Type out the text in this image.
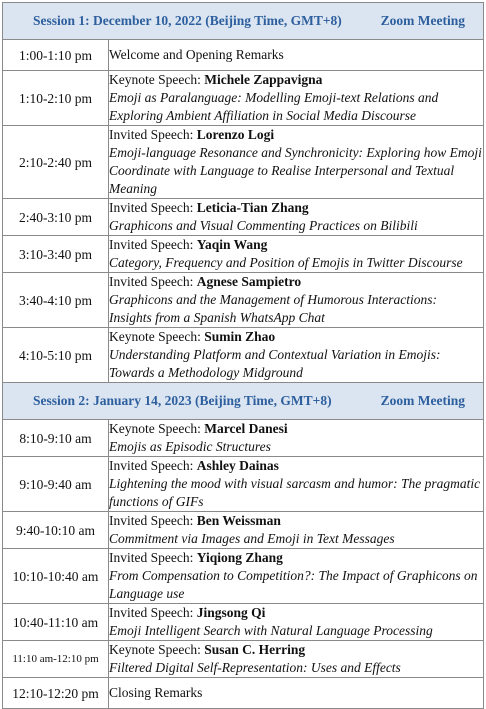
Session 1: December 10, 2022 (Beijing Time, GMT+8) Zoom Meeting	

1:00-1:10 pm	Welcome and Opening Remarks
1:10-2:10 pm	Keynote Speech: Michele Zappavigna
Emoji as Paralanguage: Modelling Emoji-text Relations and Exploring Ambient Affiliation in Social Media Discourse

2:10-2:40 pm	Invited Speech: Lorenzo Logi
Emoji-language Resonance and Synchronicity: Exploring how Emoji Coordinate with Language to Realise Interpersonal and Textual Meaning

2:40-3:10 pm	Invited Speech: Leticia-Tian Zhang
Graphicons and Visual Commenting Practices on Bilibili

3:10-3:40 pm	Invited Speech: Yaqin Wang
Category, Frequency and Position of Emojis in Twitter Discourse

3:40-4:10 pm	Invited Speech: Agnese Sampietro
Graphicons and the Management of Humorous Interactions: Insights from a Spanish WhatsApp Chat

4:10-5:10 pm	Keynote Speech: Sumin Zhao
Understanding Platform and Contextual Variation in Emojis: Towards a Methodology Midground

Session 2: January 14, 2023 (Beijing Time, GMT+8) Zoom Meeting	

8:10-9:10 am	Keynote Speech: Marcel Danesi
Emojis as Episodic Structures

9:10-9:40 am	Invited Speech: Ashley Dainas
Lightening the mood with visual sarcasm and humor: The pragmatic functions of GIFs

9:40-10:10 am	Invited Speech: Ben Weissman
Commitment via Images and Emoji in Text Messages

10:10-10:40 am	Invited Speech: Yiqiong Zhang
From Compensation to Competition?: The Impact of Graphicons on Language use

10:40-11:10 am	Invited Speech: Jingsong Qi
Emoji Intelligent Search with Natural Language Processing

11:10 am-12:10 pm	Keynote Speech: Susan C. Herring
Filtered Digital Self-Representation: Uses and Effects

12:10-12:20 pm	Closing Remarks
